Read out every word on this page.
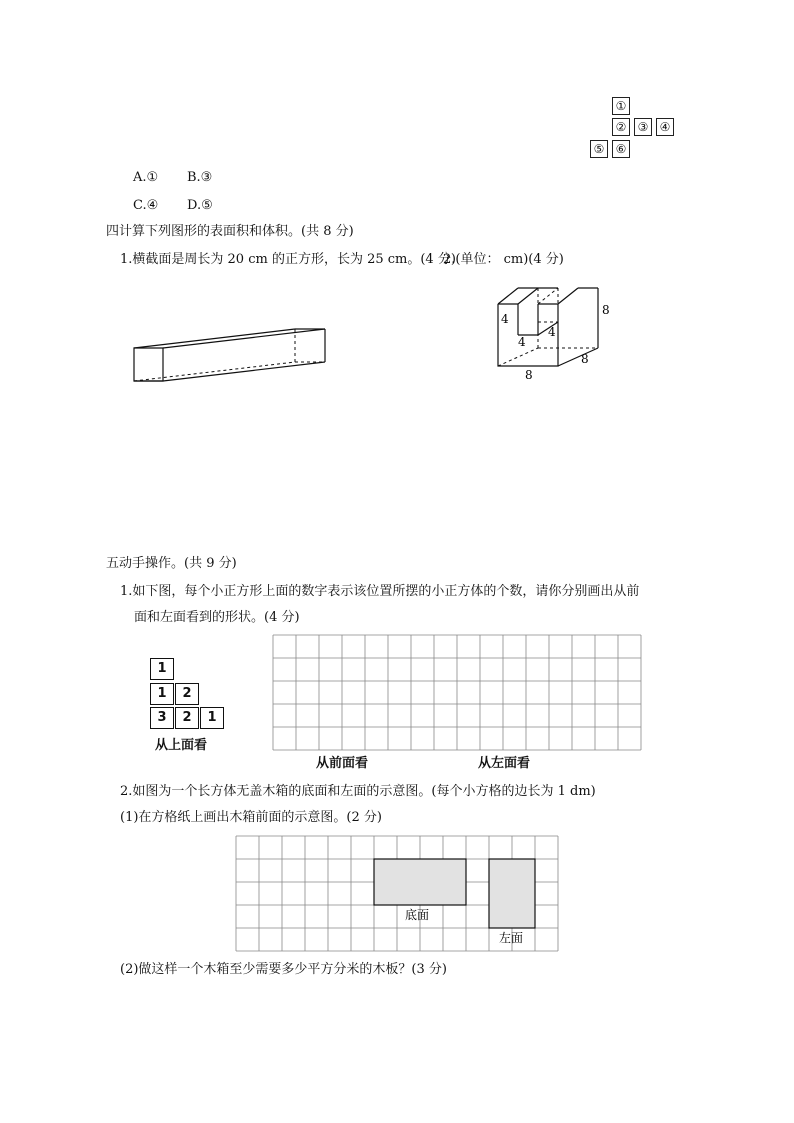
①
② ③ ④
⑤ ⑥
A.① B.③
C.④ D.⑤
四计算下列图形的表面积和体积。(共 8 分)
1.横截面是周长为 20 cm 的正方形，长为 25 cm。(4 分)
2.(单位： cm)(4 分)
4
4
4
8
8
8
五动手操作。(共 9 分)
1.如下图，每个小正方形上面的数字表示该位置所摆的小正方体的个数，请你分别画出从前
面和左面看到的形状。(4 分)
1
1	2
3	2	1
从上面看
从前面看	从左面看
2.如图为一个长方体无盖木箱的底面和左面的示意图。(每个小方格的边长为 1 dm)
(1)在方格纸上画出木箱前面的示意图。(2 分)
底面
左面
(2)做这样一个木箱至少需要多少平方分米的木板？(3 分)
